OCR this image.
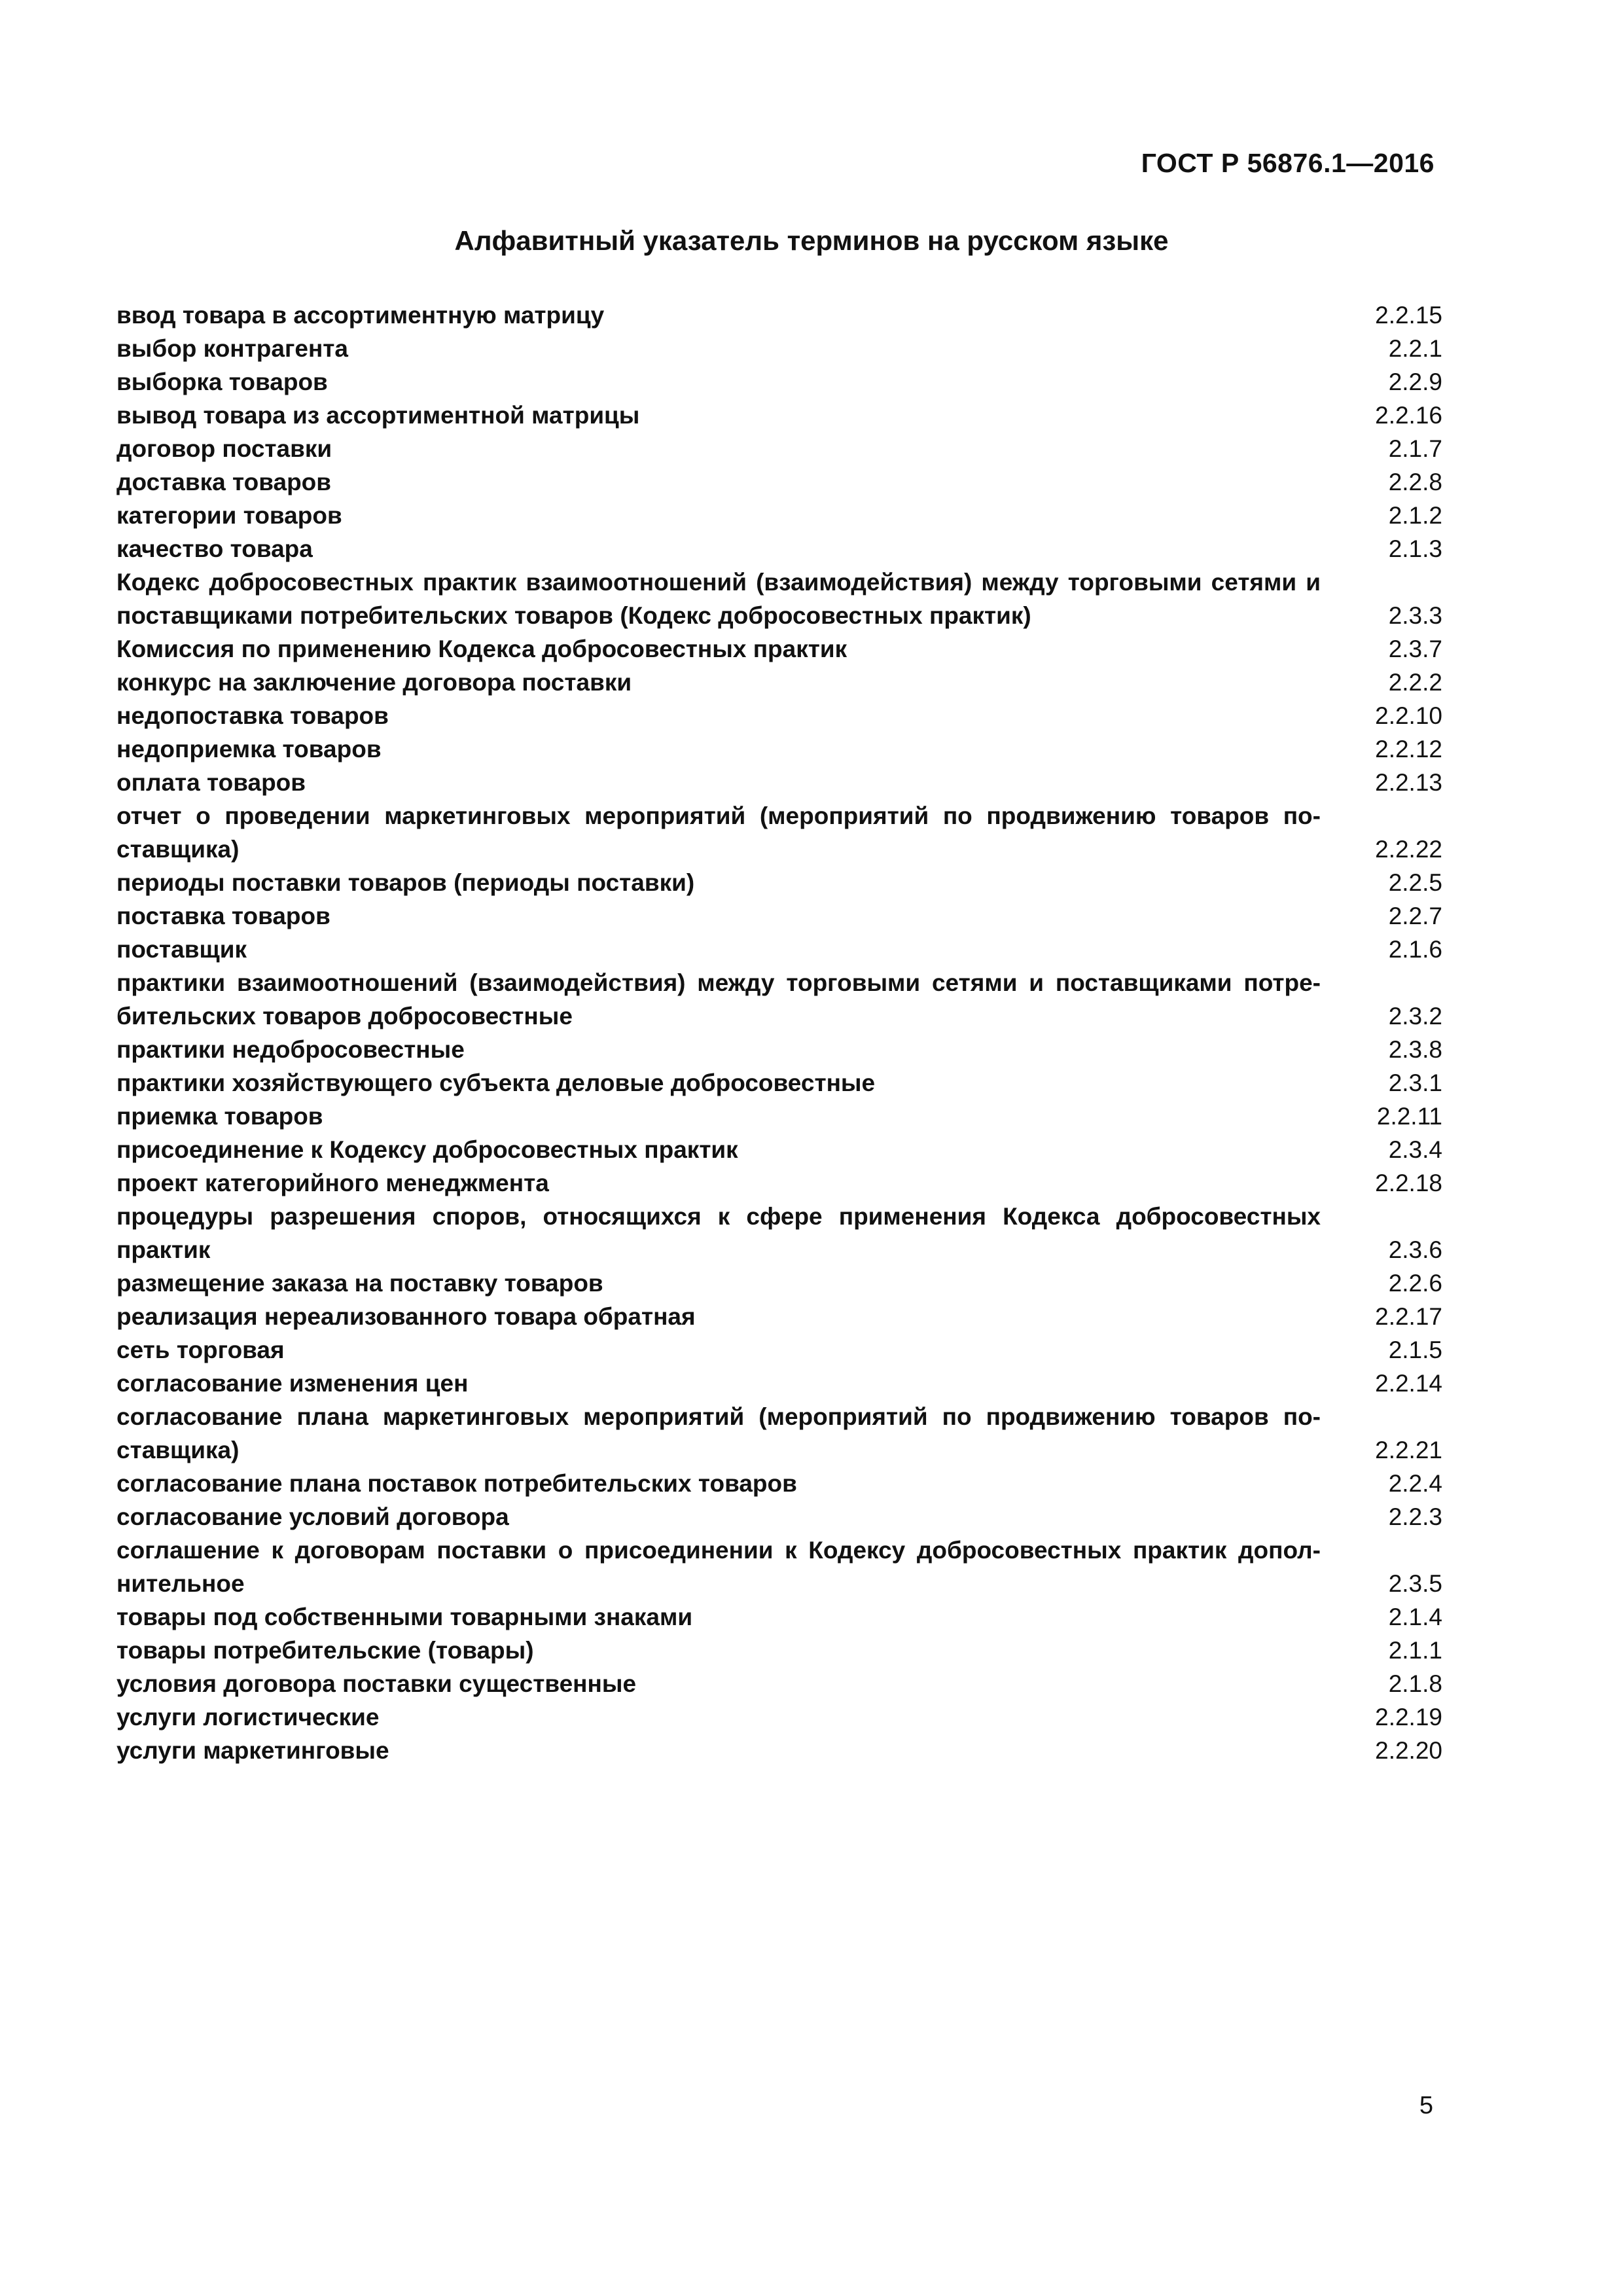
ГОСТ Р 56876.1—2016
Алфавитный указатель терминов на русском языке
ввод товара в ассортиментную матрицу	2.2.15
выбор контрагента	2.2.1
выборка товаров	2.2.9
вывод товара из ассортиментной матрицы	2.2.16
договор поставки	2.1.7
доставка товаров	2.2.8
категории товаров	2.1.2
качество товара	2.1.3
Кодекс добросовестных практик взаимоотношений (взаимодействия) между торговыми сетями и поставщиками потребительских товаров (Кодекс добросовестных практик)	2.3.3
Комиссия по применению Кодекса добросовестных практик	2.3.7
конкурс на заключение договора поставки	2.2.2
недопоставка товаров	2.2.10
недоприемка товаров	2.2.12
оплата товаров	2.2.13
отчет о проведении маркетинговых мероприятий (мероприятий по продвижению товаров поставщика)	2.2.22
периоды поставки товаров (периоды поставки)	2.2.5
поставка товаров	2.2.7
поставщик	2.1.6
практики взаимоотношений (взаимодействия) между торговыми сетями и поставщиками потребительских товаров добросовестные	2.3.2
практики недобросовестные	2.3.8
практики хозяйствующего субъекта деловые добросовестные	2.3.1
приемка товаров	2.2.11
присоединение к Кодексу добросовестных практик	2.3.4
проект категорийного менеджмента	2.2.18
процедуры разрешения споров, относящихся к сфере применения Кодекса добросовестных практик	2.3.6
размещение заказа на поставку товаров	2.2.6
реализация нереализованного товара обратная	2.2.17
сеть торговая	2.1.5
согласование изменения цен	2.2.14
согласование плана маркетинговых мероприятий (мероприятий по продвижению товаров поставщика)	2.2.21
согласование плана поставок потребительских товаров	2.2.4
согласование условий договора	2.2.3
соглашение к договорам поставки о присоединении к Кодексу добросовестных практик дополнительное	2.3.5
товары под собственными товарными знаками	2.1.4
товары потребительские (товары)	2.1.1
условия договора поставки существенные	2.1.8
услуги логистические	2.2.19
услуги маркетинговые	2.2.20
5
